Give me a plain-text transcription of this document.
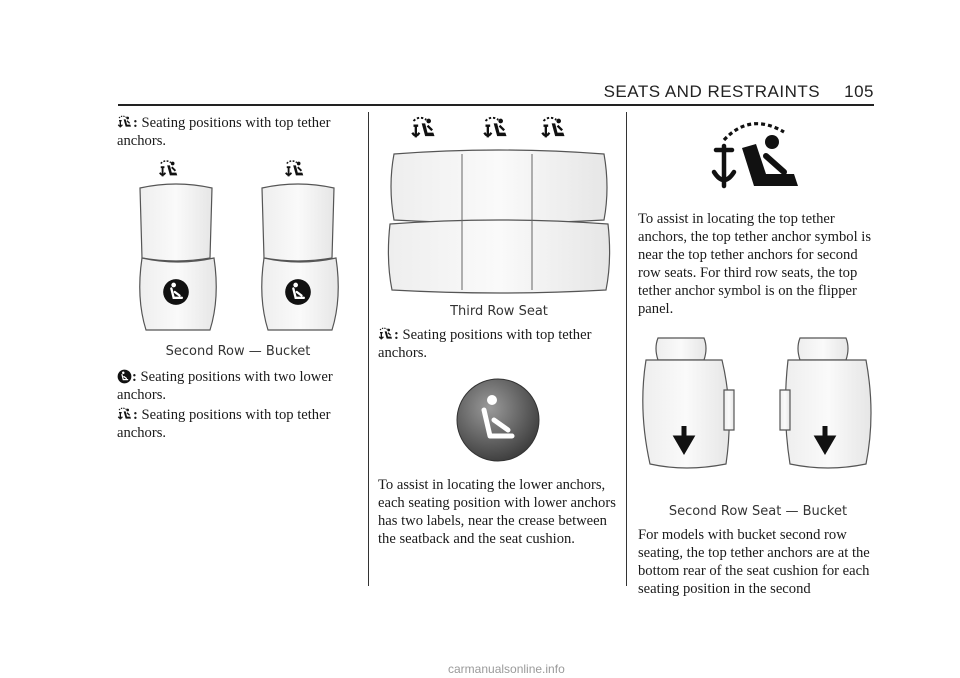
SEATS AND RESTRAINTS 105

: Seating positions with top tether anchors.

Second Row — Bucket

: Seating positions with two lower anchors.

: Seating positions with top tether anchors.

Third Row Seat

: Seating positions with top tether anchors.

To assist in locating the lower anchors, each seating position with lower anchors has two labels, near the crease between the seatback and the seat cushion.

To assist in locating the top tether anchors, the top tether anchor symbol is near the top tether anchors for second row seats. For third row seats, the top tether anchor symbol is on the flipper panel.

Second Row Seat — Bucket

For models with bucket second row seating, the top tether anchors are at the bottom rear of the seat cushion for each seating position in the second

carmanualsonline.info
